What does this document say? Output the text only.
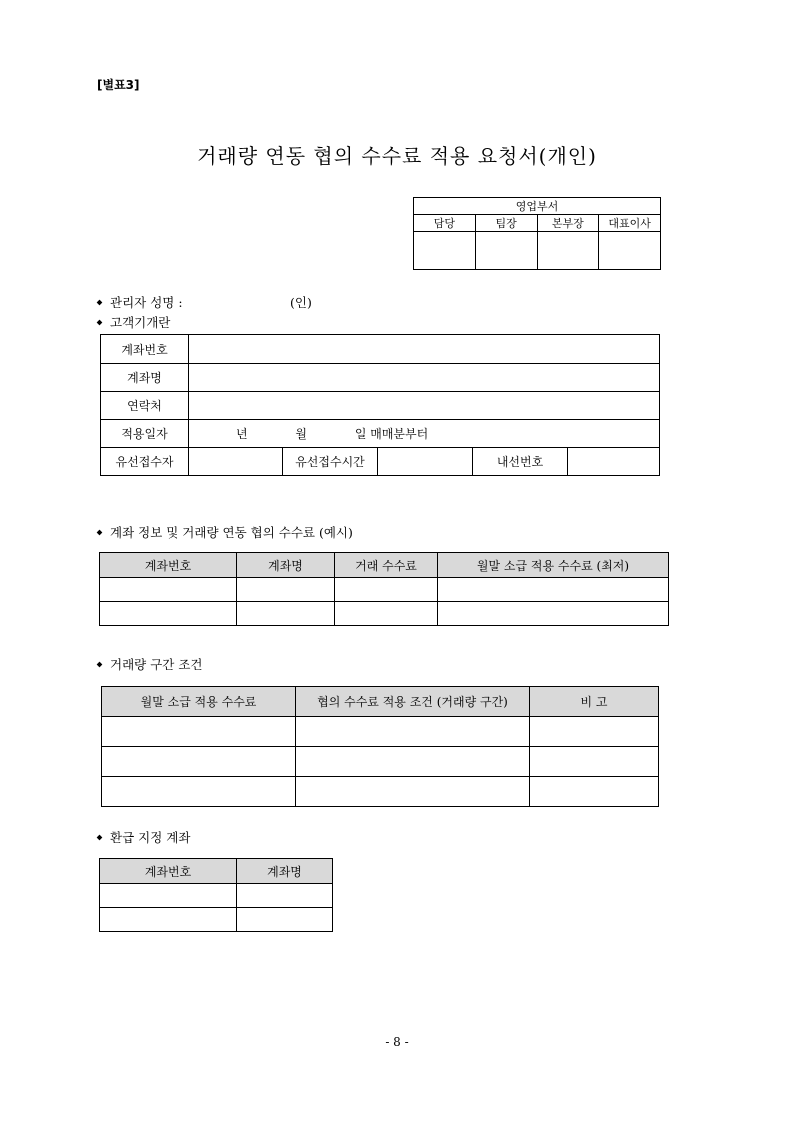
[별표3]
거래량 연동 협의 수수료 적용 요청서(개인)
영업부서			
담당	팀장	본부장	대표이사

관리자 성명 :	(인)
고객기개란
계좌번호					
계좌명					
연락처					
적용일자	년 월 일 매매분부터				
유선접수자		유선접수시간		내선번호	
계좌 정보 및 거래량 연동 협의 수수료 (예시)
계좌번호	계좌명	거래 수수료	월말 소급 적용 수수료 (최저)

거래량 구간 조건
월말 소급 적용 수수료	협의 수수료 적용 조건 (거래량 구간)	비 고

환급 지정 계좌
계좌번호	계좌명

- 8 -
